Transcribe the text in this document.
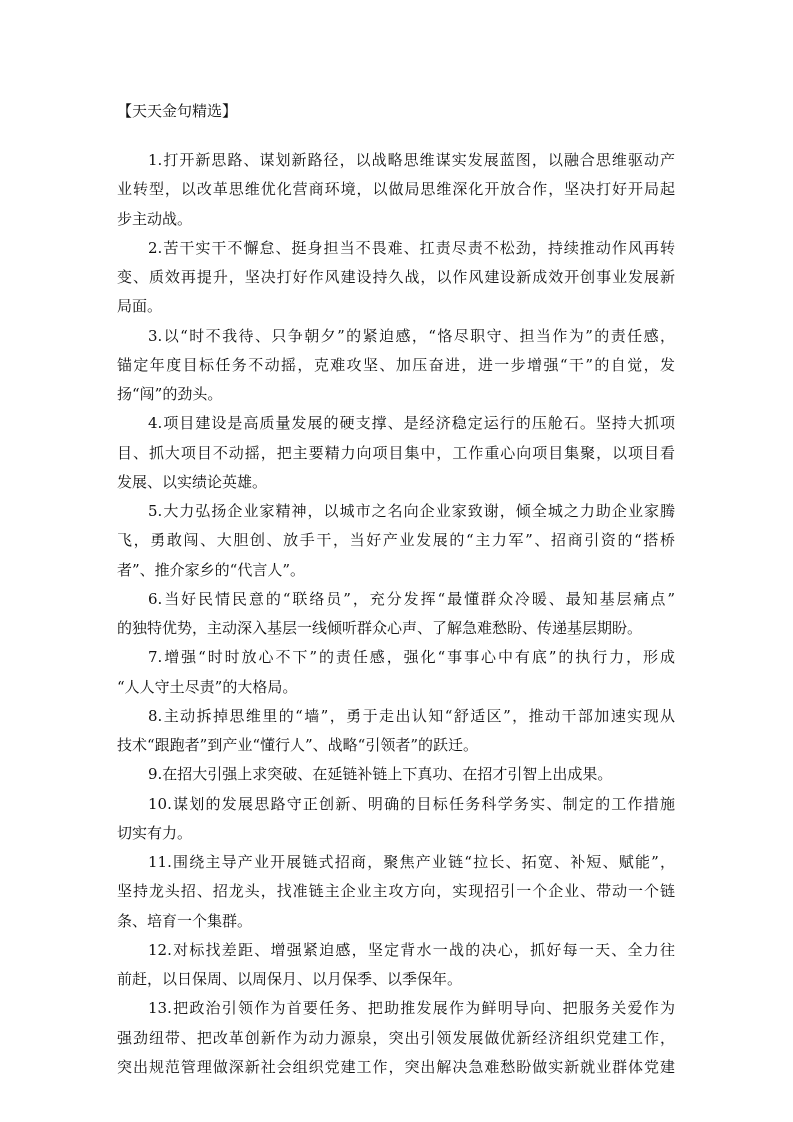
【天天金句精选】
1.打开新思路、谋划新路径，以战略思维谋实发展蓝图，以融合思维驱动产
业转型，以改革思维优化营商环境，以做局思维深化开放合作，坚决打好开局起
步主动战。
2.苦干实干不懈怠、挺身担当不畏难、扛责尽责不松劲，持续推动作风再转
变、质效再提升，坚决打好作风建设持久战，以作风建设新成效开创事业发展新
局面。
3.以“时不我待、只争朝夕”的紧迫感，“恪尽职守、担当作为”的责任感，
锚定年度目标任务不动摇，克难攻坚、加压奋进，进一步增强“干”的自觉，发
扬“闯”的劲头。
4.项目建设是高质量发展的硬支撑、是经济稳定运行的压舱石。坚持大抓项
目、抓大项目不动摇，把主要精力向项目集中，工作重心向项目集聚，以项目看
发展、以实绩论英雄。
5.大力弘扬企业家精神，以城市之名向企业家致谢，倾全城之力助企业家腾
飞，勇敢闯、大胆创、放手干，当好产业发展的“主力军”、招商引资的“搭桥
者”、推介家乡的“代言人”。
6.当好民情民意的“联络员”，充分发挥“最懂群众冷暖、最知基层痛点”
的独特优势，主动深入基层一线倾听群众心声、了解急难愁盼、传递基层期盼。
7.增强“时时放心不下”的责任感，强化“事事心中有底”的执行力，形成
“人人守土尽责”的大格局。
8.主动拆掉思维里的“墙”，勇于走出认知“舒适区”，推动干部加速实现从
技术“跟跑者”到产业“懂行人”、战略“引领者”的跃迁。
9.在招大引强上求突破、在延链补链上下真功、在招才引智上出成果。
10.谋划的发展思路守正创新、明确的目标任务科学务实、制定的工作措施
切实有力。
11.围绕主导产业开展链式招商，聚焦产业链“拉长、拓宽、补短、赋能”，
坚持龙头招、招龙头，找准链主企业主攻方向，实现招引一个企业、带动一个链
条、培育一个集群。
12.对标找差距、增强紧迫感，坚定背水一战的决心，抓好每一天、全力往
前赶，以日保周、以周保月、以月保季、以季保年。
13.把政治引领作为首要任务、把助推发展作为鲜明导向、把服务关爱作为
强劲纽带、把改革创新作为动力源泉，突出引领发展做优新经济组织党建工作，
突出规范管理做深新社会组织党建工作，突出解决急难愁盼做实新就业群体党建
